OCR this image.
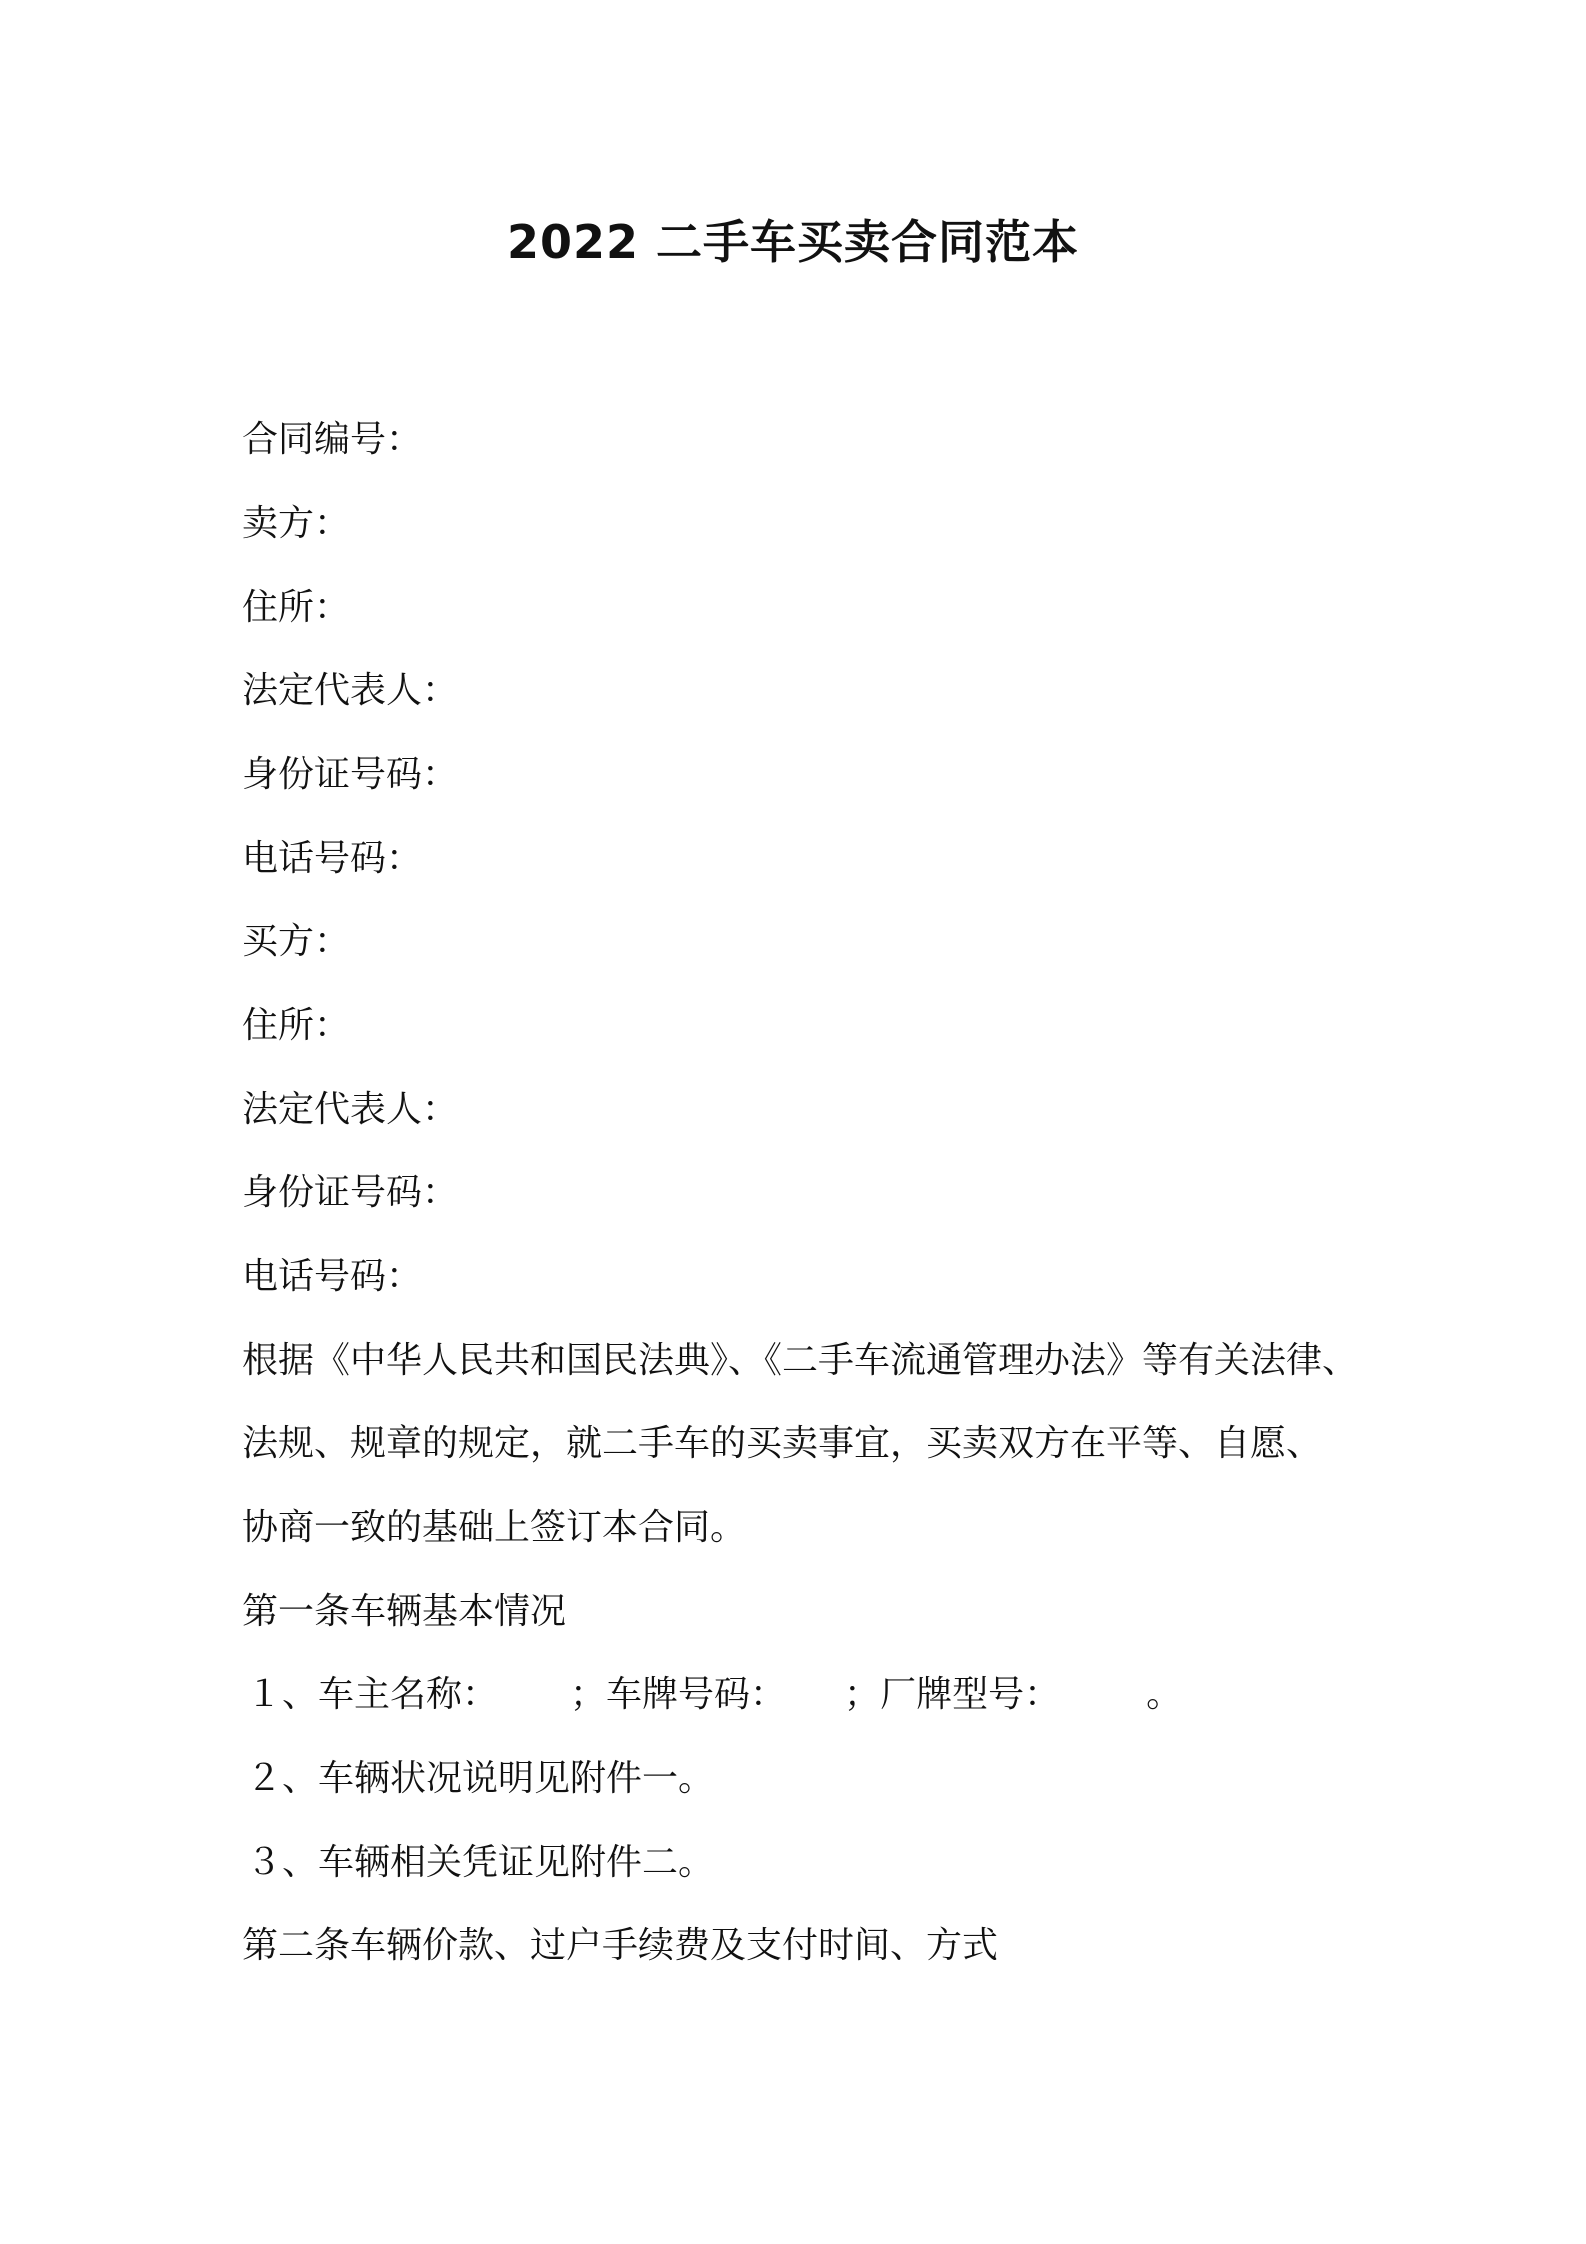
2022 二手车买卖合同范本
合同编号：
卖方：
住所：
法定代表人：
身份证号码：
电话号码：
买方：
住所：
法定代表人：
身份证号码：
电话号码：
根据《中华人民共和国民法典》、《二手车流通管理办法》等有关法律、
法规、规章的规定，就二手车的买卖事宜，买卖双方在平等、自愿、
协商一致的基础上签订本合同。
第一条车辆基本情况
１、车主名称： ；车牌号码： ；厂牌型号： 。
２、车辆状况说明见附件一。
３、车辆相关凭证见附件二。
第二条车辆价款、过户手续费及支付时间、方式
